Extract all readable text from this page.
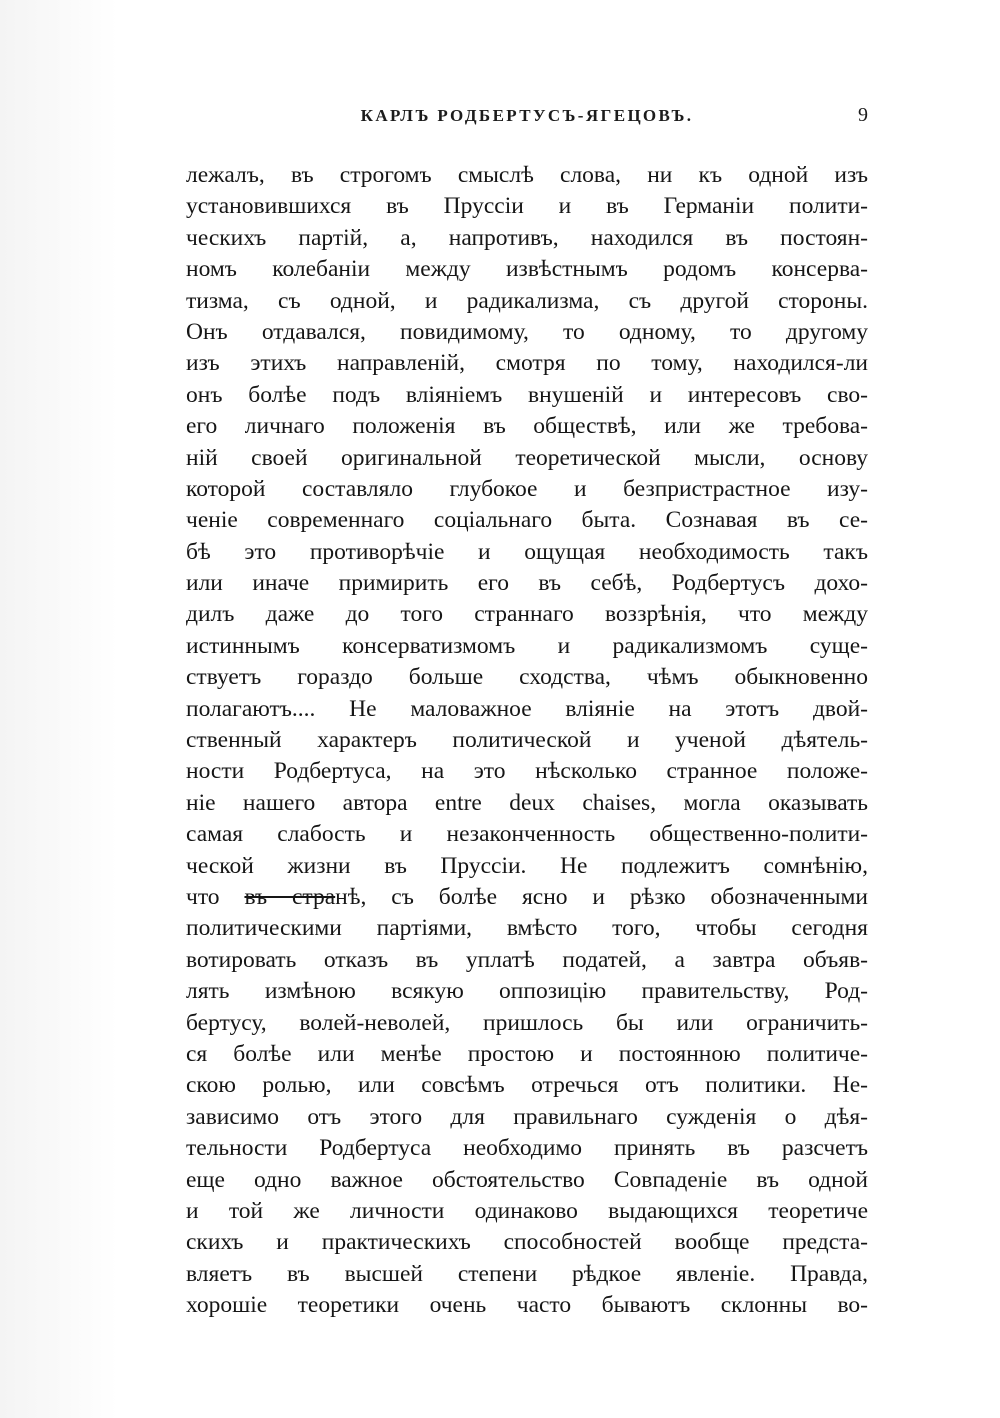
КАРЛЪ РОДБЕРТУСЪ-ЯГЕЦОВЪ.	9
лежалъ, въ строгомъ смыслѣ слова, ни къ одной изъ
установившихся въ Пруссіи и въ Германіи полити-
ческихъ партій, а, напротивъ, находился въ постоян-
номъ колебаніи между извѣстнымъ родомъ консерва-
тизма, съ одной, и радикализма, съ другой стороны.
Онъ отдавался, повидимому, то одному, то другому
изъ этихъ направленій, смотря по тому, находился-ли
онъ болѣе подъ вліяніемъ внушеній и интересовъ сво-
его личнаго положенія въ обществѣ, или же требова-
ній своей оригинальной теоретической мысли, основу
которой составляло глубокое и безпристрастное изу-
ченіе современнаго соціальнаго быта. Сознавая въ се-
бѣ это противорѣчіе и ощущая необходимость такъ
или иначе примирить его въ себѣ, Родбертусъ дохо-
дилъ даже до того страннаго воззрѣнія, что между
истиннымъ консерватизмомъ и радикализмомъ суще-
ствуетъ гораздо больше сходства, чѣмъ обыкновенно
полагаютъ.... Не маловажное вліяніе на этотъ двой-
ственный характеръ политической и ученой дѣятель-
ности Родбертуса, на это нѣсколько странное положе-
ніе нашего автора entre deux chaises, могла оказывать
самая слабость и незаконченность общественно-полити-
ческой жизни въ Пруссіи. Не подлежитъ сомнѣнію,
что въ странѣ, съ болѣе ясно и рѣзко обозначенными
политическими партіями, вмѣсто того, чтобы сегодня
вотировать отказъ въ уплатѣ податей, а завтра объяв-
лять измѣною всякую оппозицію правительству, Род-
бертусу, волей-неволей, пришлось бы или ограничить-
ся болѣе или менѣе простою и постоянною политиче-
скою ролью, или совсѣмъ отречься отъ политики. Не-
зависимо отъ этого для правильнаго сужденія о дѣя-
тельности Родбертуса необходимо принять въ разсчетъ
еще одно важное обстоятельство Совпаденіе въ одной
и той же личности одинаково выдающихся теоретиче
скихъ и практическихъ способностей вообще предста-
вляетъ въ высшей степени рѣдкое явленіе. Правда,
хорошіе теоретики очень часто бываютъ склонны во-
